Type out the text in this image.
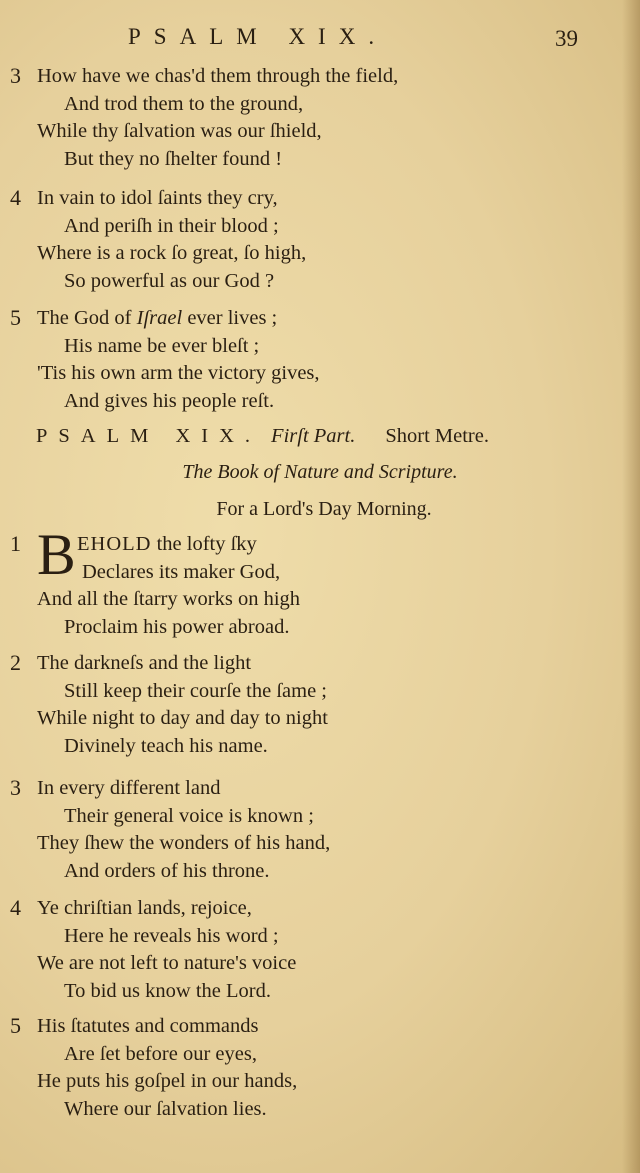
PSALM XIX.	39
3 How have we chas'd them through the field,
And trod them to the ground,
While thy ſalvation was our ſhield,
But they no ſhelter found !
4 In vain to idol ſaints they cry,
And periſh in their blood ;
Where is a rock ſo great, ſo high,
So powerful as our God ?
5 The God of Iſrael ever lives ;
His name be ever bleſt ;
'Tis his own arm the victory gives,
And gives his people reſt.
PSALM XIX. Firſt Part. Short Metre.
The Book of Nature and Scripture.
For a Lord's Day Morning.
1	EHOLD the lofty ſky
Declares its maker God,
And all the ſtarry works on high
Proclaim his power abroad.
B
2 The darkneſs and the light
Still keep their courſe the ſame ;
While night to day and day to night
Divinely teach his name.
3 In every different land
Their general voice is known ;
They ſhew the wonders of his hand,
And orders of his throne.
4 Ye chriſtian lands, rejoice,
Here he reveals his word ;
We are not left to nature's voice
To bid us know the Lord.
5 His ſtatutes and commands
Are ſet before our eyes,
He puts his goſpel in our hands,
Where our ſalvation lies.
